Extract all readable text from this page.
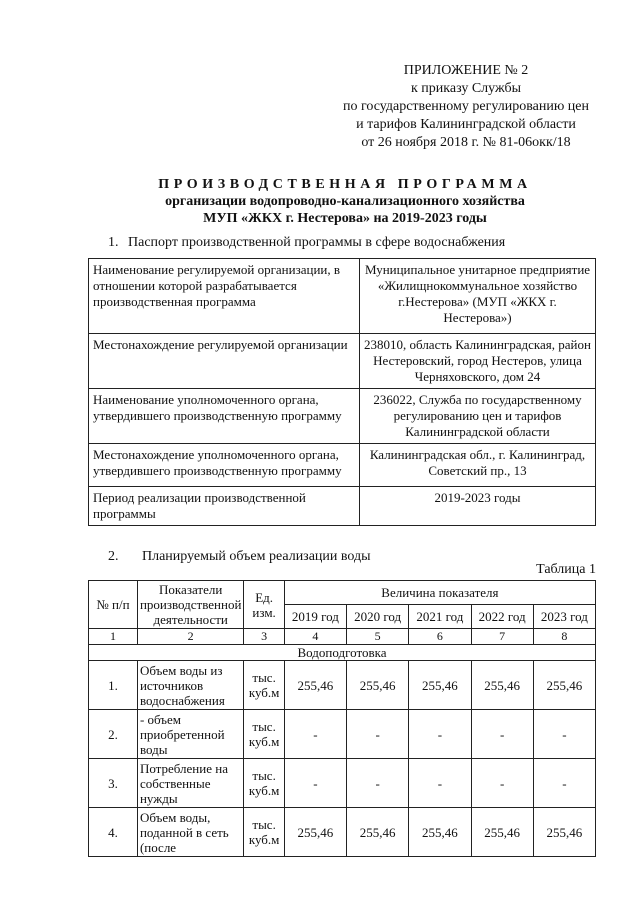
ПРИЛОЖЕНИЕ № 2
к приказу Службы
по государственному регулированию цен
и тарифов Калининградской области
от 26 ноября 2018 г. № 81-06окк/18
ПРОИЗВОДСТВЕННАЯ ПРОГРАММА
организации водопроводно-канализационного хозяйства
МУП «ЖКХ г. Нестерова» на 2019-2023 годы
1. Паспорт производственной программы в сфере водоснабжения
Наименование регулируемой организации, в отношении которой разрабатывается производственная программа	Муниципальное унитарное предприятие «Жилищнокоммунальное хозяйство г.Нестерова» (МУП «ЖКХ г. Нестерова»)
Местонахождение регулируемой организации	238010, область Калининградская, район Нестеровский, город Нестеров, улица Черняховского, дом 24
Наименование уполномоченного органа, утвердившего производственную программу	236022, Служба по государственному регулированию цен и тарифов Калининградской области
Местонахождение уполномоченного органа, утвердившего производственную программу	Калининградская обл., г. Калининград, Советский пр., 13
Период реализации производственной программы	2019-2023 годы
2. Планируемый объем реализации воды
Таблица 1
№ п/п	Показатели производственной деятельности	Ед. изм.	Величина показателя				
			2019 год	2020 год	2021 год	2022 год	2023 год
1	2	3	4	5	6	7	8
Водоподготовка							
1.	Объем воды из источников водоснабжения	тыс. куб.м	255,46	255,46	255,46	255,46	255,46
2.	- объем приобретенной воды	тыс. куб.м	-	-	-	-	-
3.	Потребление на собственные нужды	тыс. куб.м	-	-	-	-	-
4.	Объем воды, поданной в сеть (после	тыс. куб.м	255,46	255,46	255,46	255,46	255,46
